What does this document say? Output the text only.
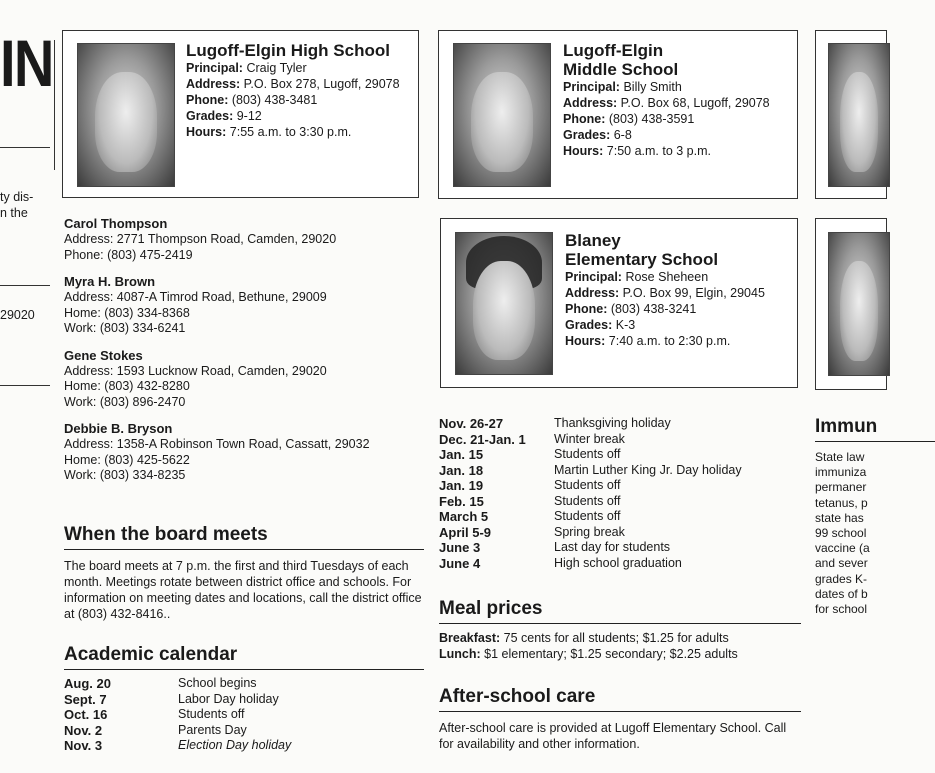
IN
ty dis-
n the
29020
Lugoff-Elgin High School
Principal: Craig Tyler
Address: P.O. Box 278, Lugoff, 29078
Phone: (803) 438-3481
Grades: 9-12
Hours: 7:55 a.m. to 3:30 p.m.
Lugoff-Elgin
Middle School
Principal: Billy Smith
Address: P.O. Box 68, Lugoff, 29078
Phone: (803) 438-3591
Grades: 6-8
Hours: 7:50 a.m. to 3 p.m.
Blaney
Elementary School
Principal: Rose Sheheen
Address: P.O. Box 99, Elgin, 29045
Phone: (803) 438-3241
Grades: K-3
Hours: 7:40 a.m. to 2:30 p.m.
Carol Thompson
Address: 2771 Thompson Road, Camden, 29020
Phone: (803) 475-2419
Myra H. Brown
Address: 4087-A Timrod Road, Bethune, 29009
Home: (803) 334-8368
Work: (803) 334-6241
Gene Stokes
Address: 1593 Lucknow Road, Camden, 29020
Home: (803) 432-8280
Work: (803) 896-2470
Debbie B. Bryson
Address: 1358-A Robinson Town Road, Cassatt, 29032
Home: (803) 425-5622
Work: (803) 334-8235
When the board meets
The board meets at 7 p.m. the first and third Tuesdays of each month. Meetings rotate between district office and schools. For information on meeting dates and locations, call the district office at (803) 432-8416..
Academic calendar
Aug. 20	School begins
Sept. 7	Labor Day holiday
Oct. 16	Students off
Nov. 2	Parents Day
Nov. 3	Election Day holiday
Nov. 26-27	Thanksgiving holiday
Dec. 21-Jan. 1	Winter break
Jan. 15	Students off
Jan. 18	Martin Luther King Jr. Day holiday
Jan. 19	Students off
Feb. 15	Students off
March 5	Students off
April 5-9	Spring break
June 3	Last day for students
June 4	High school graduation
Meal prices
Breakfast: 75 cents for all students; $1.25 for adults
Lunch: $1 elementary; $1.25 secondary; $2.25 adults
After-school care
After-school care is provided at Lugoff Elementary School. Call for availability and other information.
Immun
State law
immuniza
permaner
tetanus, p
state has
99 school
vaccine (a
and sever
grades K-
dates of b
for school
